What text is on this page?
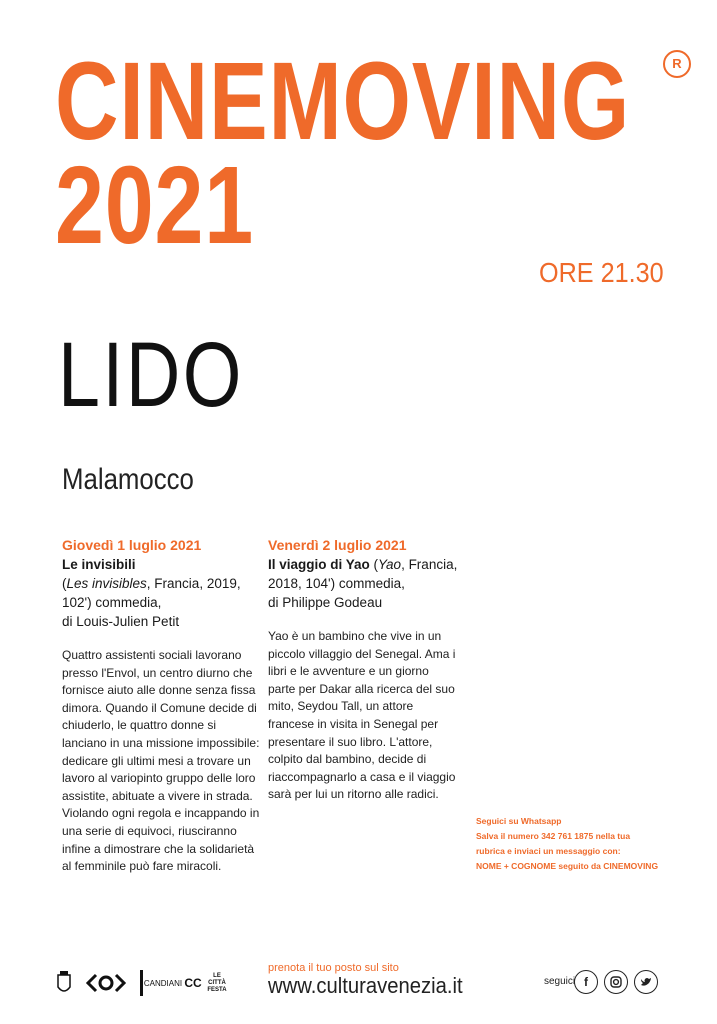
CINEMOVING
2021
R
ORE 21.30
LIDO
Malamocco
Giovedì 1 luglio 2021
Le invisibili
(Les invisibles, Francia, 2019, 102') commedia,
di Louis-Julien Petit
Quattro assistenti sociali lavorano presso l'Envol, un centro diurno che fornisce aiuto alle donne senza fissa dimora. Quando il Comune decide di chiuderlo, le quattro donne si lanciano in una missione impossibile: dedicare gli ultimi mesi a trovare un lavoro al variopinto gruppo delle loro assistite, abituate a vivere in strada. Violando ogni regola e incappando in una serie di equivoci, riusciranno infine a dimostrare che la solidarietà al femminile può fare miracoli.
Venerdì 2 luglio 2021
Il viaggio di Yao (Yao, Francia, 2018, 104') commedia,
di Philippe Godeau
Yao è un bambino che vive in un piccolo villaggio del Senegal. Ama i libri e le avventure e un giorno parte per Dakar alla ricerca del suo mito, Seydou Tall, un attore francese in visita in Senegal per presentare il suo libro. L'attore, colpito dal bambino, decide di riaccompagnarlo a casa e il viaggio sarà per lui un ritorno alle radici.
Seguici su Whatsapp
Salva il numero 342 761 1875 nella tua
rubrica e inviaci un messaggio con:
NOME + COGNOME seguito da CINEMOVING
CANDIANI CC
LE
CITTÀ
FESTA
prenota il tuo posto sul sito
www.culturavenezia.it	seguici f
